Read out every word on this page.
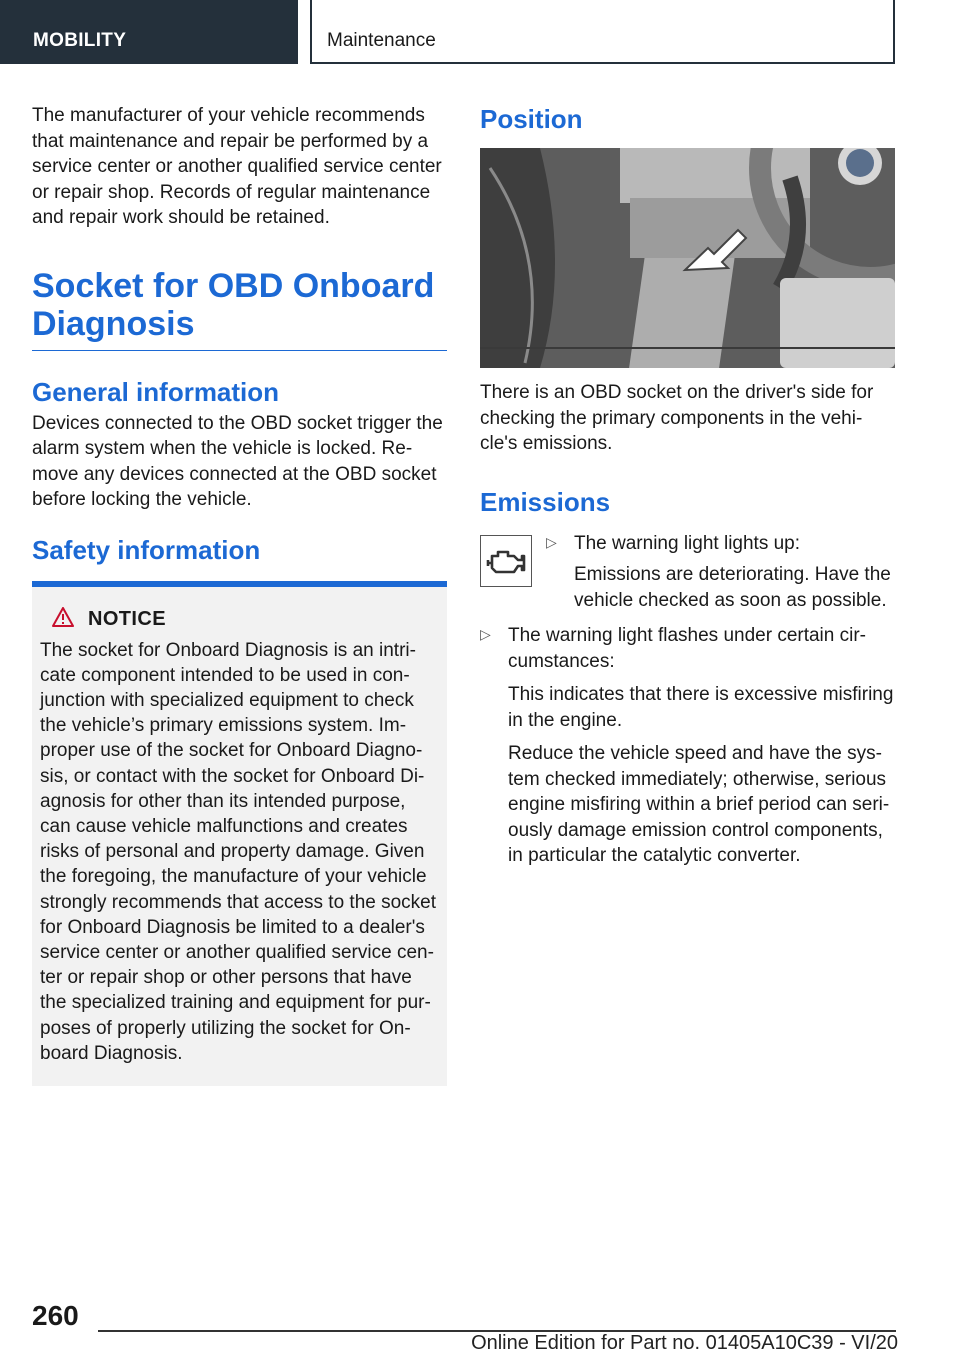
MOBILITY	Maintenance

The manufacturer of your vehicle recommends that maintenance and repair be performed by a service center or another qualified service center or repair shop. Records of regular maintenance and repair work should be retained.

Socket for OBD Onboard
Diagnosis
General information

Devices connected to the OBD socket trigger the alarm system when the vehicle is locked. Re-move any devices connected at the OBD socket before locking the vehicle.

Safety information
NOTICE

The socket for Onboard Diagnosis is an intri-cate component intended to be used in con-junction with specialized equipment to check the vehicle’s primary emissions system. Im-proper use of the socket for Onboard Diagno-sis, or contact with the socket for Onboard Di-agnosis for other than its intended purpose, can cause vehicle malfunctions and creates risks of personal and property damage. Given the foregoing, the manufacture of your vehicle strongly recommends that access to the socket for Onboard Diagnosis be limited to a dealer's service center or another qualified service cen-ter or repair shop or other persons that have the specialized training and equipment for pur-poses of properly utilizing the socket for On-board Diagnosis.

Position

There is an OBD socket on the driver's side for checking the primary components in the vehi-cle's emissions.

Emissions
▷ The warning light lights up:

Emissions are deteriorating. Have the vehicle checked as soon as possible.

▷ The warning light flashes under certain cir-cumstances:

This indicates that there is excessive misfiring in the engine.

Reduce the vehicle speed and have the sys-tem checked immediately; otherwise, serious engine misfiring within a brief period can seri-ously damage emission control components, in particular the catalytic converter.

260
Online Edition for Part no. 01405A10C39 - VI/20
